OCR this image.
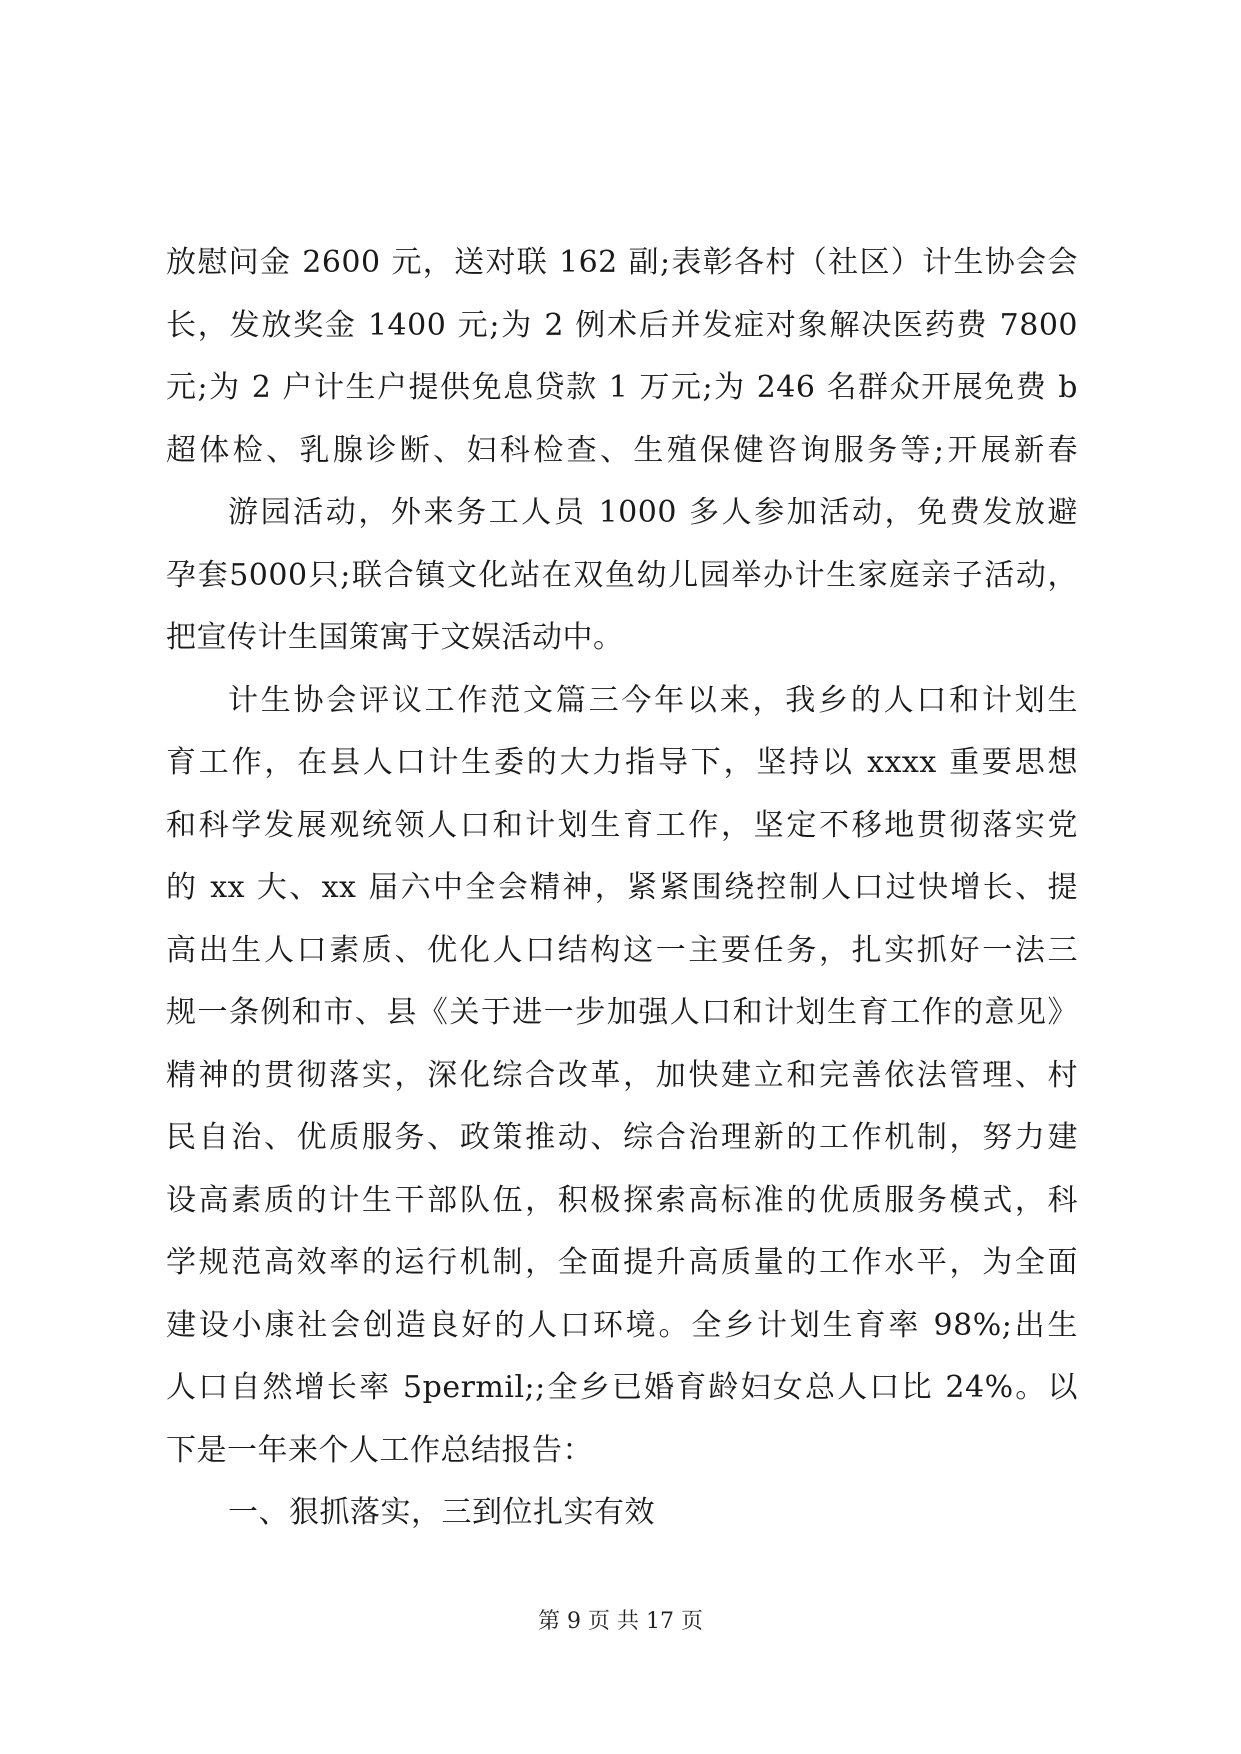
放慰问金 2600 元，送对联 162 副;表彰各村（社区）计生协会会
长，发放奖金 1400 元;为 2 例术后并发症对象解决医药费 7800
元;为 2 户计生户提供免息贷款 1 万元;为 246 名群众开展免费 b
超体检、乳腺诊断、妇科检查、生殖保健咨询服务等;开展新春
游园活动，外来务工人员 1000 多人参加活动，免费发放避
孕套5000只;联合镇文化站在双鱼幼儿园举办计生家庭亲子活动，
把宣传计生国策寓于文娱活动中。
计生协会评议工作范文篇三今年以来，我乡的人口和计划生
育工作，在县人口计生委的大力指导下，坚持以 xxxx 重要思想
和科学发展观统领人口和计划生育工作，坚定不移地贯彻落实党
的 xx 大、xx 届六中全会精神，紧紧围绕控制人口过快增长、提
高出生人口素质、优化人口结构这一主要任务，扎实抓好一法三
规一条例和市、县《关于进一步加强人口和计划生育工作的意见》
精神的贯彻落实，深化综合改革，加快建立和完善依法管理、村
民自治、优质服务、政策推动、综合治理新的工作机制，努力建
设高素质的计生干部队伍，积极探索高标准的优质服务模式，科
学规范高效率的运行机制，全面提升高质量的工作水平，为全面
建设小康社会创造良好的人口环境。全乡计划生育率 98%;出生
人口自然增长率 5permil;;全乡已婚育龄妇女总人口比 24%。以
下是一年来个人工作总结报告：
一、狠抓落实，三到位扎实有效
第 9 页 共 17 页
